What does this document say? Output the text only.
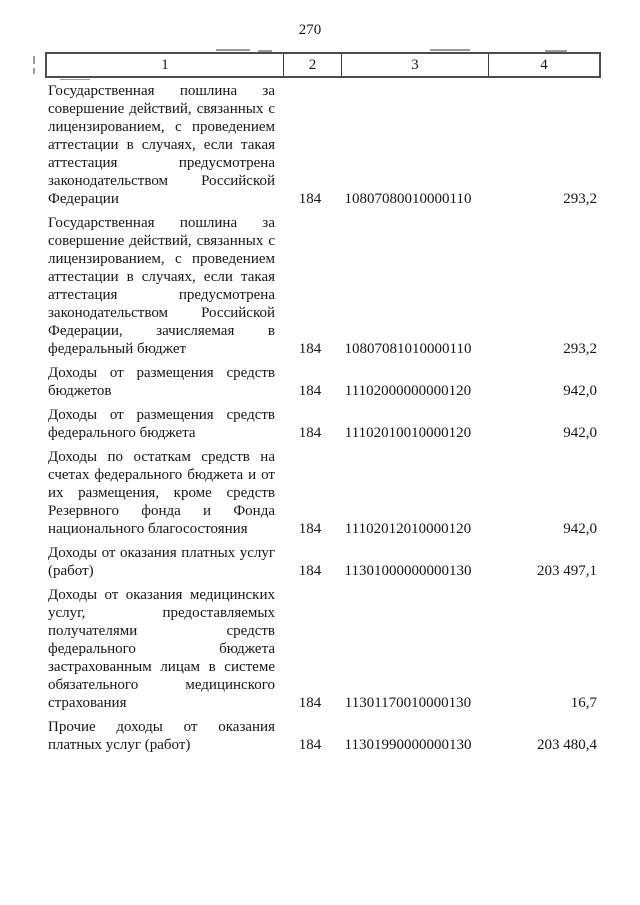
270
1	2	3	4
Государственная пошлина за совершение действий, связанных с лицензированием, с проведением аттестации в случаях, если такая аттестация предусмотрена законодательством Российской Федерации	184	10807080010000110	293,2
Государственная пошлина за совершение действий, связанных с лицензированием, с проведением аттестации в случаях, если такая аттестация предусмотрена законодательством Российской Федерации, зачисляемая в федеральный бюджет	184	10807081010000110	293,2
Доходы от размещения средств бюджетов	184	11102000000000120	942,0
Доходы от размещения средств федерального бюджета	184	11102010010000120	942,0
Доходы по остаткам средств на счетах федерального бюджета и от их размещения, кроме средств Резервного фонда и Фонда национального благосостояния	184	11102012010000120	942,0
Доходы от оказания платных услуг (работ)	184	11301000000000130	203 497,1
Доходы от оказания медицинских услуг, предоставляемых получателями средств федерального бюджета застрахованным лицам в системе обязательного медицинского страхования	184	11301170010000130	16,7
Прочие доходы от оказания платных услуг (работ)	184	11301990000000130	203 480,4
